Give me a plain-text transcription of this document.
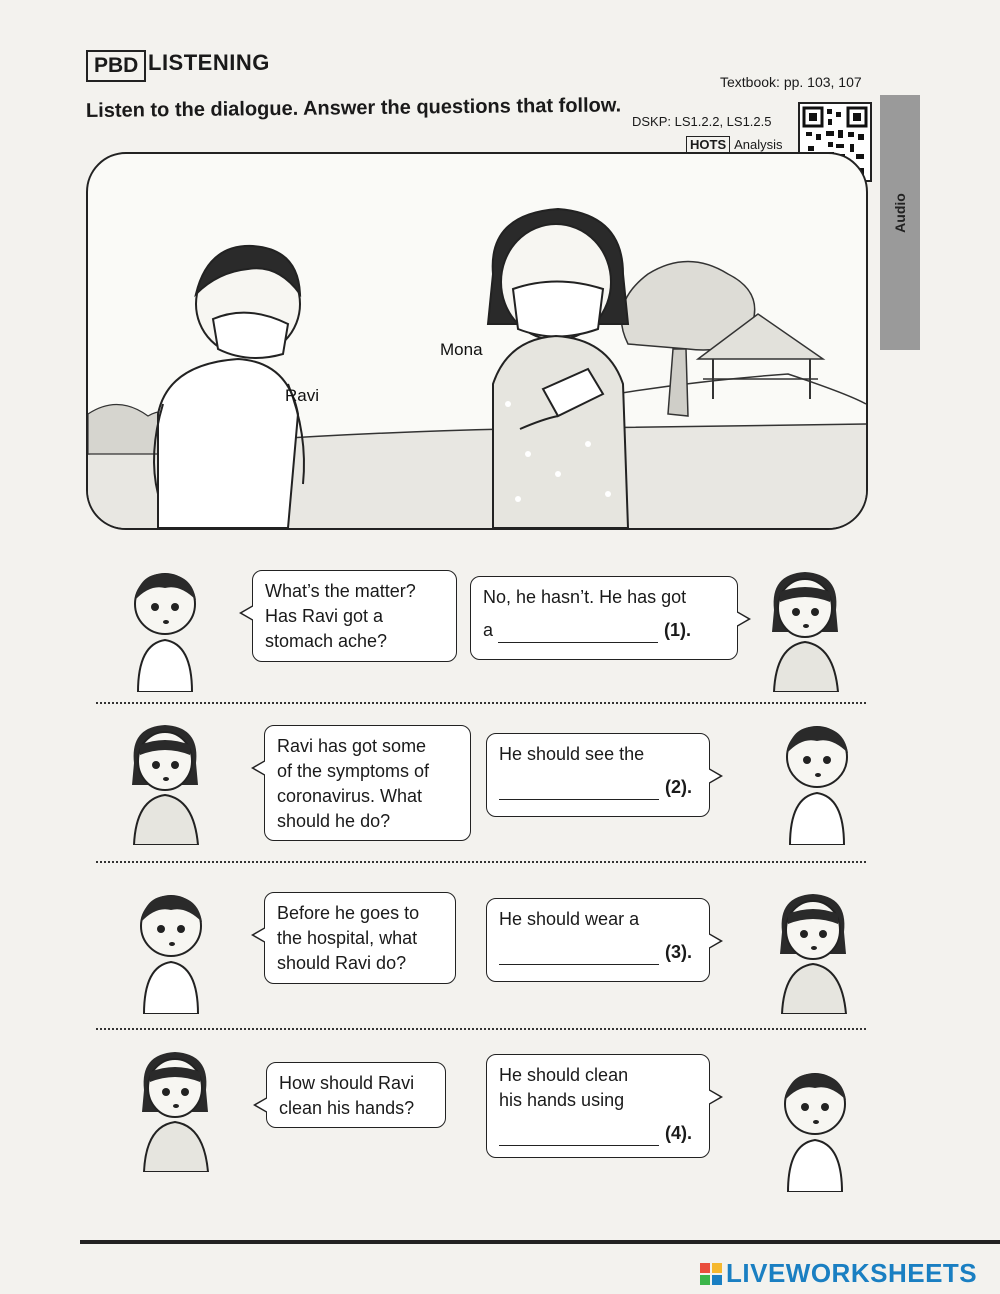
PBD LISTENING
Textbook: pp. 103, 107
Listen to the dialogue. Answer the questions that follow. DSKP: LS1.2.2, LS1.2.5
HOTS Analysis
Audio
Mona
Ravi
What’s the matter?
Has Ravi got a
stomach ache?
No, he hasn’t. He has got
a	(1).
Ravi has got some
of the symptoms of
coronavirus. What
should he do?
He should see the
(2).
Before he goes to
the hospital, what
should Ravi do?
He should wear a
(3).
How should Ravi
clean his hands?
He should clean
his hands using
(4).
LIVEWORKSHEETS
